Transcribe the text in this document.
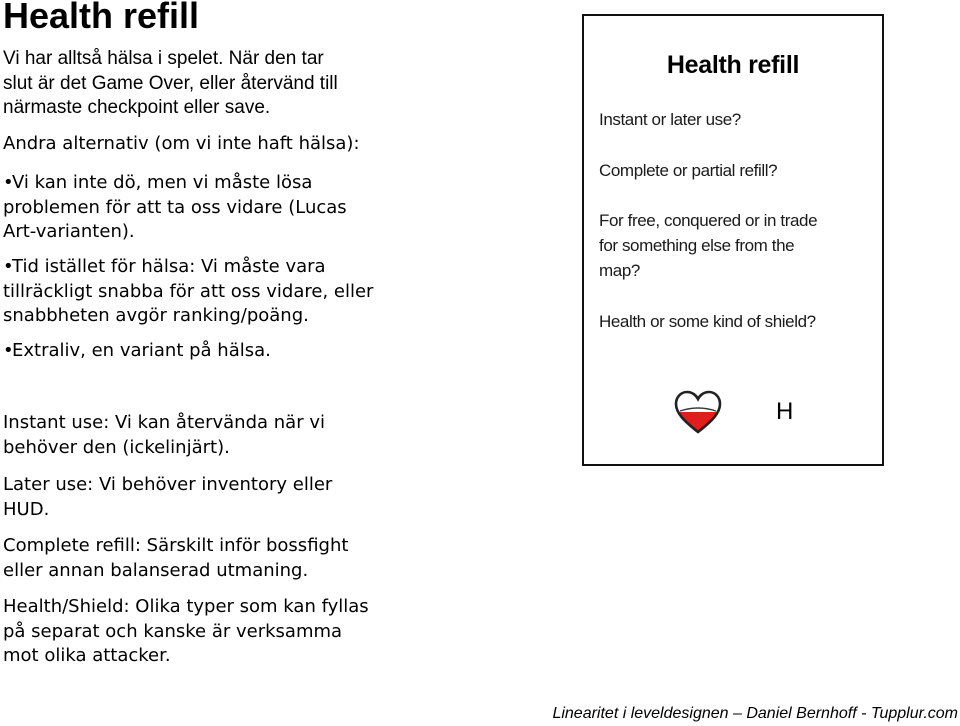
Health refill

Vi har alltså hälsa i spelet. När den tar
slut är det Game Over, eller återvänd till
närmaste checkpoint eller save.

Andra alternativ (om vi inte haft hälsa):

•Vi kan inte dö, men vi måste lösa
problemen för att ta oss vidare (Lucas
Art-varianten).

•Tid istället för hälsa: Vi måste vara
tillräckligt snabba för att oss vidare, eller
snabbheten avgör ranking/poäng.

•Extraliv, en variant på hälsa.

Instant use: Vi kan återvända när vi
behöver den (ickelinjärt).

Later use: Vi behöver inventory eller
HUD.

Complete refill: Särskilt inför bossfight
eller annan balanserad utmaning.

Health/Shield: Olika typer som kan fyllas
på separat och kanske är verksamma
mot olika attacker.

Health refill
Instant or later use?
Complete or partial refill?
For free, conquered or in trade
for something else from the
map?
Health or some kind of shield?
H
Linearitet i leveldesignen – Daniel Bernhoff - Tupplur.com
